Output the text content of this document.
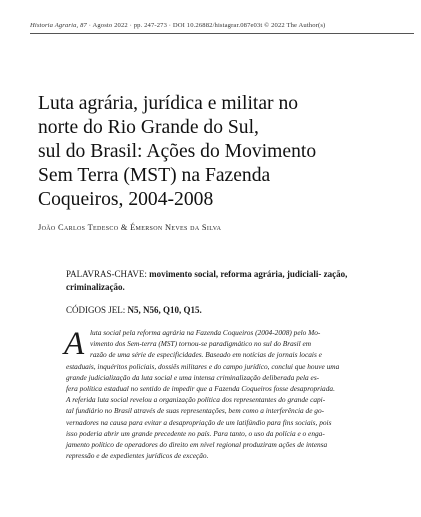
Historia Agraria, 87 · Agosto 2022 · pp. 247-273 · DOI 10.26882/histagrar.087e03t © 2022 The Author(s)
Luta agrária, jurídica e militar no
norte do Rio Grande do Sul,
sul do Brasil: Ações do Movimento
Sem Terra (MST) na Fazenda
Coqueiros, 2004-2008
João Carlos Tedesco & Émerson Neves da Silva
PALAVRAS-CHAVE: movimento social, reforma agrária, judiciali- zação, criminalização.
CÓDIGOS JEL: N5, N56, Q10, Q15.
A luta social pela reforma agrária na Fazenda Coqueiros (2004-2008) pelo Mo-
vimento dos Sem-terra (MST) tornou-se paradigmático no sul do Brasil em
razão de uma série de especificidades. Baseado em notícias de jornais locais e
estaduais, inquéritos policiais, dossiês militares e do campo jurídico, conclui que houve uma
grande judicialização da luta social e uma intensa criminalização deliberada pela es-
fera política estadual no sentido de impedir que a Fazenda Coqueiros fosse desapropriada.
A referida luta social revelou a organização política dos representantes do grande capi-
tal fundiário no Brasil através de suas representações, bem como a interferência de go-
vernadores na causa para evitar a desapropriação de um latifúndio para fins sociais, pois
isso poderia abrir um grande precedente no país. Para tanto, o uso da polícia e o enga-
jamento político de operadores do direito em nível regional produziram ações de intensa
repressão e de expedientes jurídicos de exceção.
